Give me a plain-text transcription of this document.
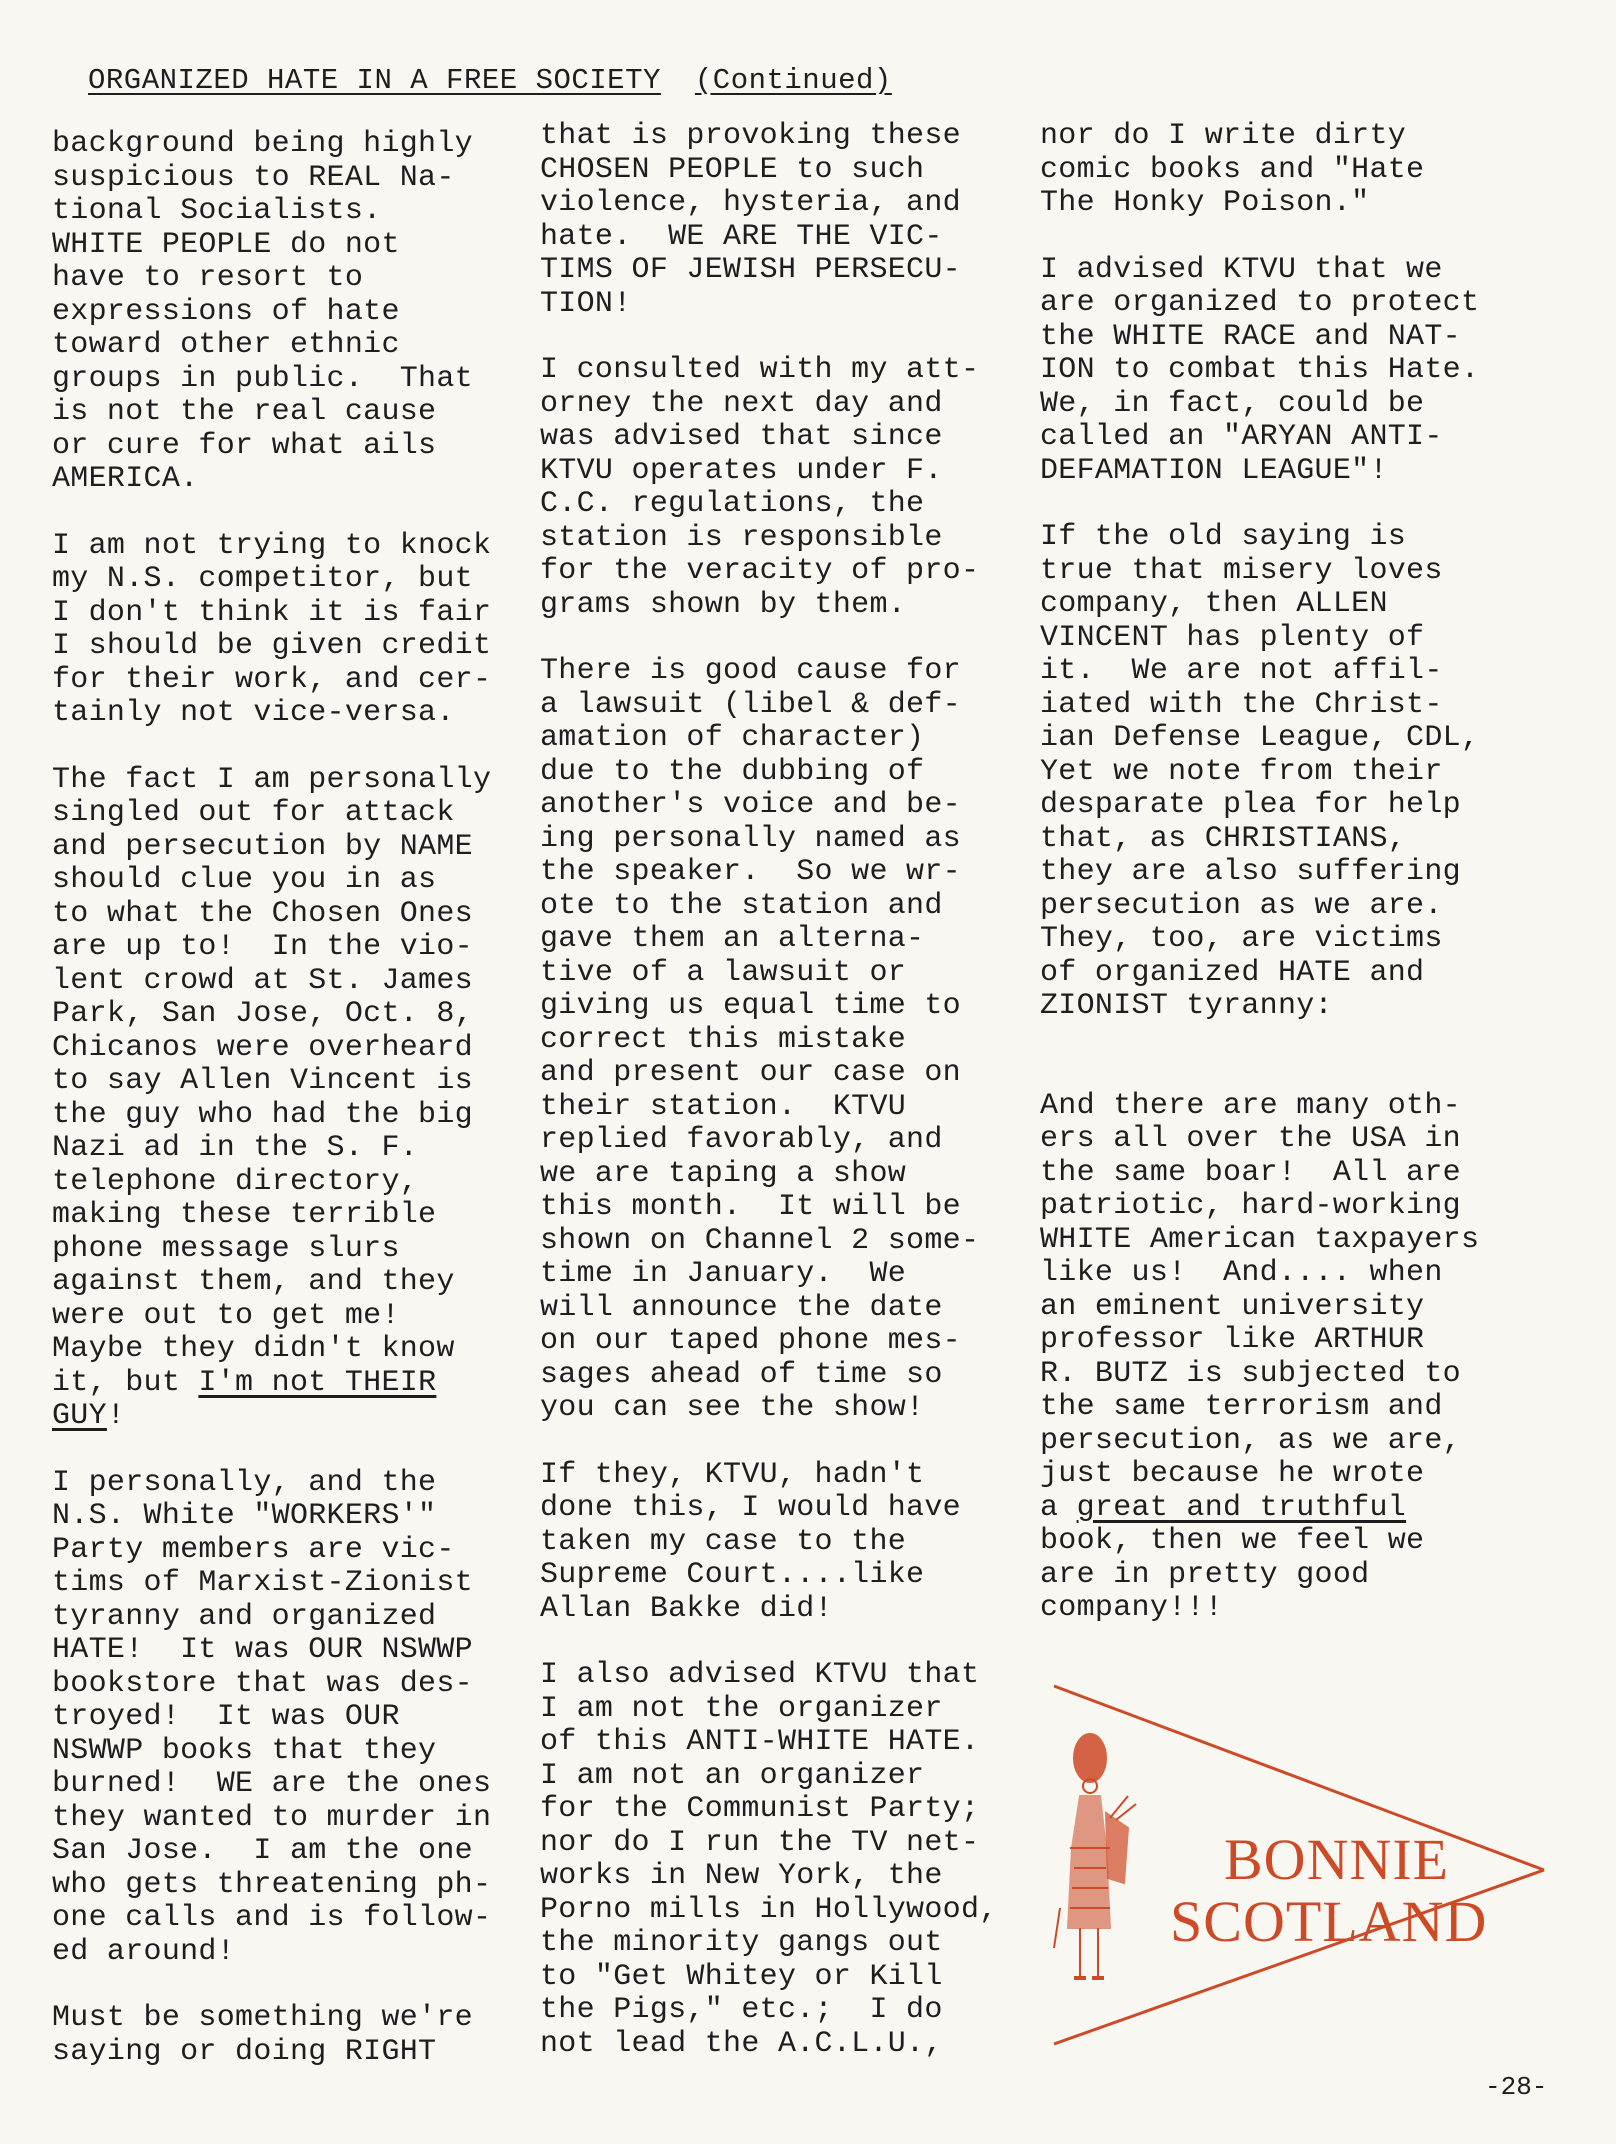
ORGANIZED HATE IN A FREE SOCIETY (Continued)

background being highly
suspicious to REAL Na-
tional Socialists.
WHITE PEOPLE do not
have to resort to
expressions of hate
toward other ethnic
groups in public.  That
is not the real cause
or cure for what ails
AMERICA.

I am not trying to knock
my N.S. competitor, but
I don't think it is fair
I should be given credit
for their work, and cer-
tainly not vice-versa.

The fact I am personally
singled out for attack
and persecution by NAME
should clue you in as
to what the Chosen Ones
are up to!  In the vio-
lent crowd at St. James
Park, San Jose, Oct. 8,
Chicanos were overheard
to say Allen Vincent is
the guy who had the big
Nazi ad in the S. F.
telephone directory,
making these terrible
phone message slurs
against them, and they
were out to get me!
Maybe they didn't know
it, but I'm not THEIR
GUY!

I personally, and the
N.S. White "WORKERS'"
Party members are vic-
tims of Marxist-Zionist
tyranny and organized
HATE!  It was OUR NSWWP
bookstore that was des-
troyed!  It was OUR
NSWWP books that they
burned!  WE are the ones
they wanted to murder in
San Jose.  I am the one
who gets threatening ph-
one calls and is follow-
ed around!

Must be something we're
saying or doing RIGHT

that is provoking these
CHOSEN PEOPLE to such
violence, hysteria, and
hate.  WE ARE THE VIC-
TIMS OF JEWISH PERSECU-
TION!

I consulted with my att-
orney the next day and
was advised that since
KTVU operates under F.
C.C. regulations, the
station is responsible
for the veracity of pro-
grams shown by them.

There is good cause for
a lawsuit (libel & def-
amation of character)
due to the dubbing of
another's voice and be-
ing personally named as
the speaker.  So we wr-
ote to the station and
gave them an alterna-
tive of a lawsuit or
giving us equal time to
correct this mistake
and present our case on
their station.  KTVU
replied favorably, and
we are taping a show
this month.  It will be
shown on Channel 2 some-
time in January.  We
will announce the date
on our taped phone mes-
sages ahead of time so
you can see the show!

If they, KTVU, hadn't
done this, I would have
taken my case to the
Supreme Court....like
Allan Bakke did!

I also advised KTVU that
I am not the organizer
of this ANTI-WHITE HATE.
I am not an organizer
for the Communist Party;
nor do I run the TV net-
works in New York, the
Porno mills in Hollywood,
the minority gangs out
to "Get Whitey or Kill
the Pigs," etc.;  I do
not lead the A.C.L.U.,

nor do I write dirty
comic books and "Hate
The Honky Poison."

I advised KTVU that we
are organized to protect
the WHITE RACE and NAT-
ION to combat this Hate.
We, in fact, could be
called an "ARYAN ANTI-
DEFAMATION LEAGUE"!

If the old saying is
true that misery loves
company, then ALLEN
VINCENT has plenty of
it.  We are not affil-
iated with the Christ-
ian Defense League, CDL,
Yet we note from their
desparate plea for help
that, as CHRISTIANS,
they are also suffering
persecution as we are.
They, too, are victims
of organized HATE and
ZIONIST tyranny:

And there are many oth-
ers all over the USA in
the same boar!  All are
patriotic, hard-working
WHITE American taxpayers
like us!  And.... when
an eminent university
professor like ARTHUR
R. BUTZ is subjected to
the same terrorism and
persecution, as we are,
just because he wrote
a great and truthful
book, then we feel we
are in pretty good
company!!!

BONNIE
SCOTLAND
-28-
